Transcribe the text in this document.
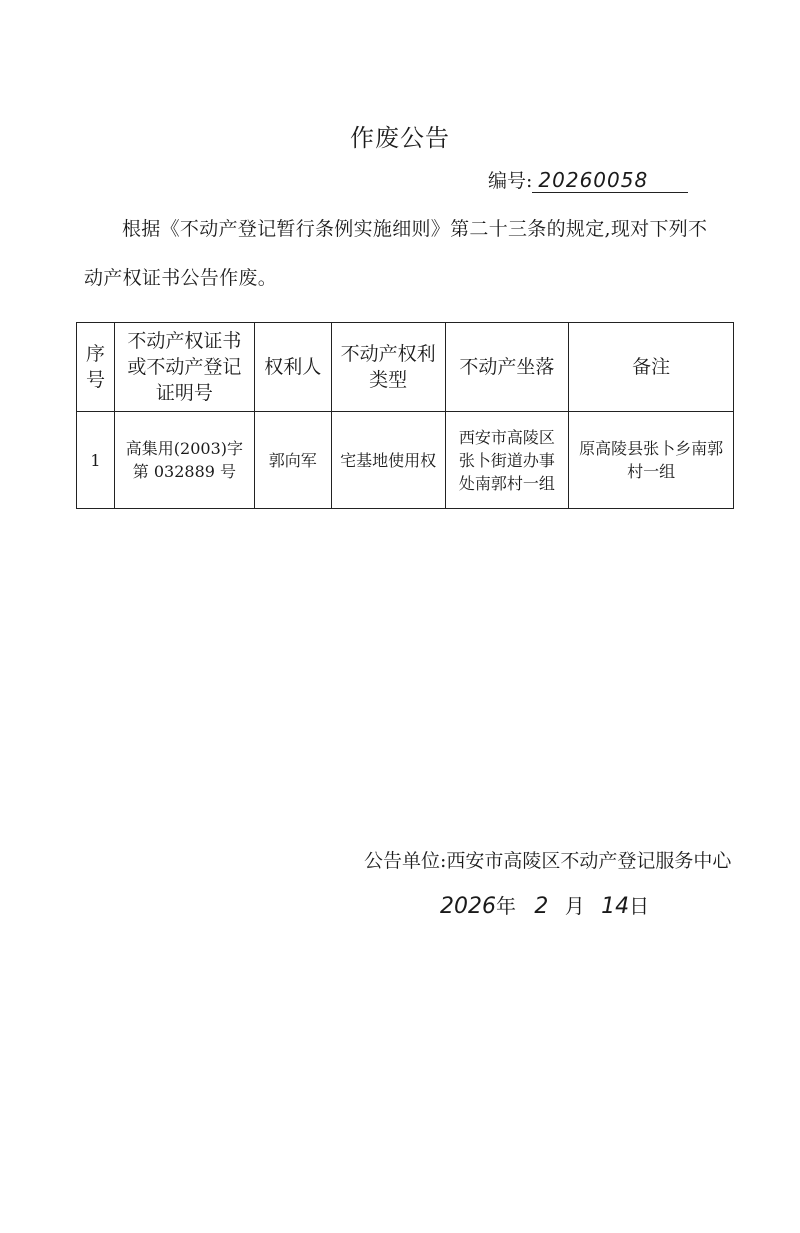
作废公告
编号: 20260058
根据《不动产登记暂行条例实施细则》第二十三条的规定,现对下列不
动产权证书公告作废。
序号	不动产权证书或不动产登记证明号	权利人	不动产权利类型	不动产坐落	备注
1	高集用(2003)字第 032889 号	郭向军	宅基地使用权	西安市高陵区张卜街道办事处南郭村一组	原高陵县张卜乡南郭村一组
公告单位:西安市高陵区不动产登记服务中心
2026年 2 月 14日
